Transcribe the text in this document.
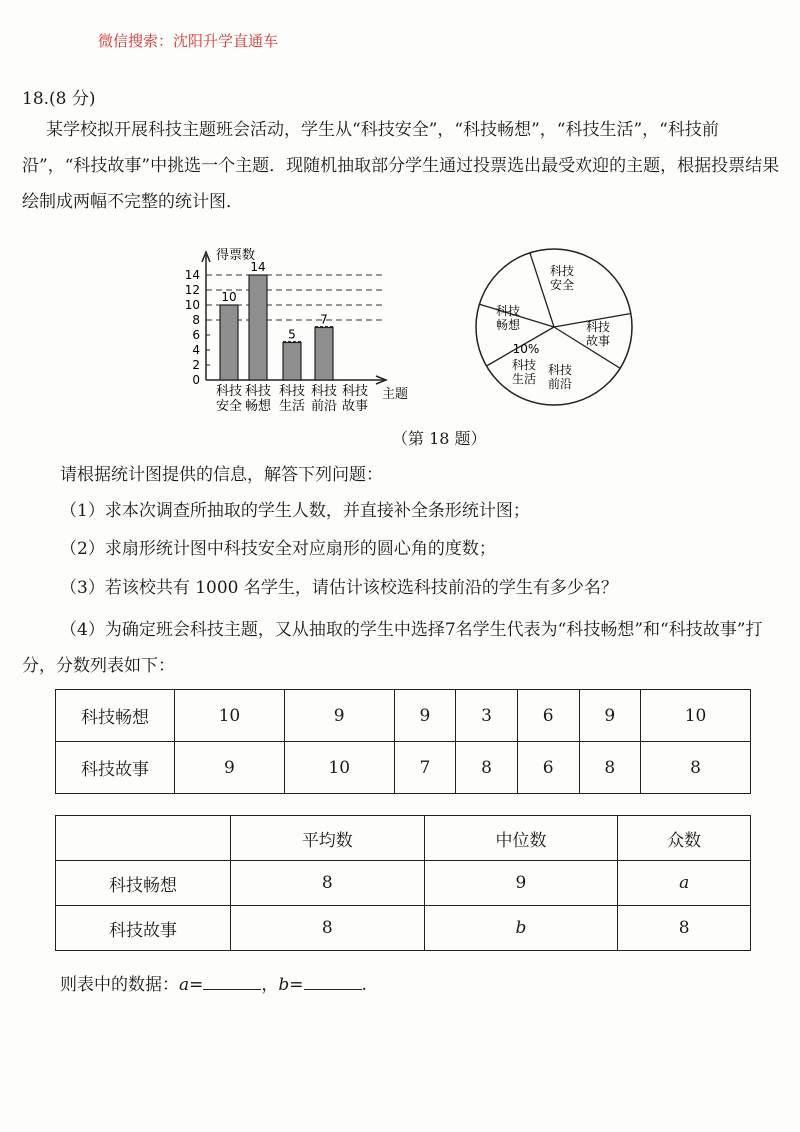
微信搜索：沈阳升学直通车
18.(8 分)
某学校拟开展科技主题班会活动，学生从“科技安全”，“科技畅想”，“科技生活”，“科技前沿”，“科技故事”中挑选一个主题．现随机抽取部分学生通过投票选出最受欢迎的主题，根据投票结果绘制成两幅不完整的统计图．
得票数
主题
0
2
4
6
8
10
12
14
10
科技
安全
14
科技
畅想
5
科技
生活
7
科技
前沿
科技
故事
科技
安全
科技
故事
科技
前沿
科技
生活
10%
科技
畅想
（第 18 题）
请根据统计图提供的信息，解答下列问题：
（1）求本次调查所抽取的学生人数，并直接补全条形统计图；
（2）求扇形统计图中科技安全对应扇形的圆心角的度数；
（3）若该校共有 1000 名学生，请估计该校选科技前沿的学生有多少名？
（4）为确定班会科技主题，又从抽取的学生中选择7名学生代表为“科技畅想”和“科技故事”打分，分数列表如下：
科技畅想	10	9	9	3	6	9	10
科技故事	9	10	7	8	6	8	8
	平均数	中位数	众数
科技畅想	8	9	a
科技故事	8	b	8
则表中的数据：a=	，b=	.
